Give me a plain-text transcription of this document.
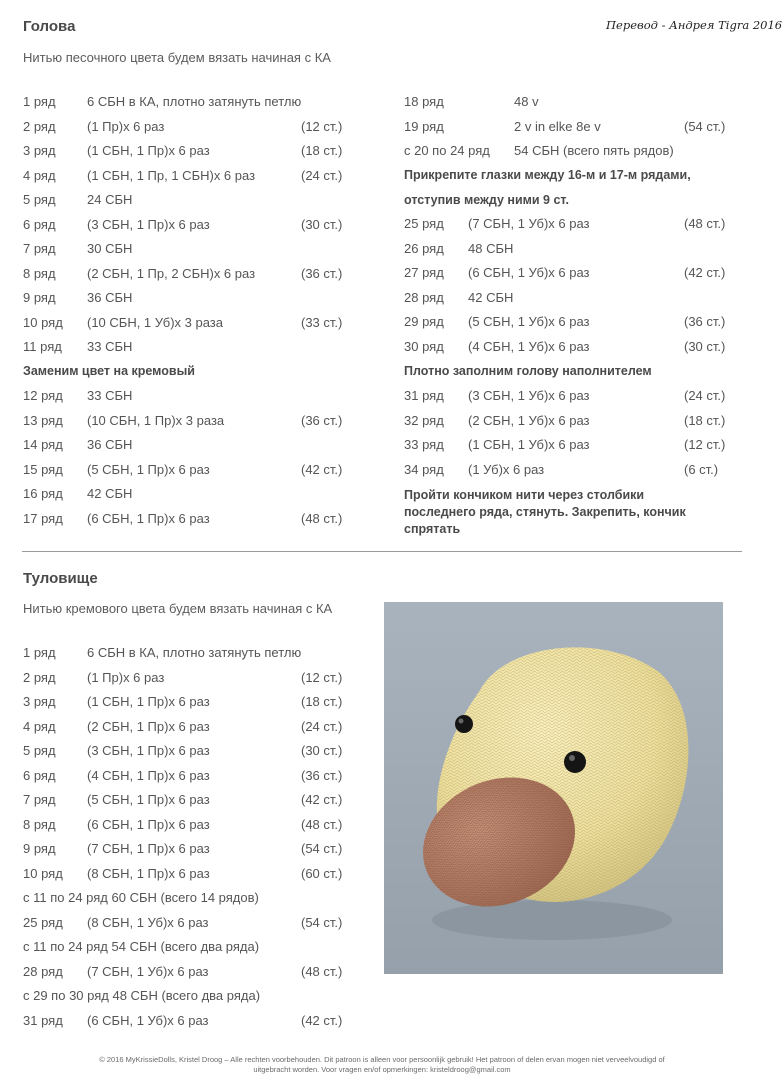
Перевод - Андрея Tigra 2016
Голова
Нитью песочного цвета будем вязать начиная с КА
1 ряд 6 СБН в КА, плотно затянуть петлю
2 ряд (1 Пр)х 6 раз	(12 ст.)
3 ряд (1 СБН, 1 Пр)х 6 раз	(18 ст.)
4 ряд (1 СБН, 1 Пр, 1 СБН)х 6 раз	(24 ст.)
5 ряд 24 СБН
6 ряд (3 СБН, 1 Пр)х 6 раз	(30 ст.)
7 ряд 30 СБН
8 ряд (2 СБН, 1 Пр, 2 СБН)х 6 раз	(36 ст.)
9 ряд 36 СБН
10 ряд (10 СБН, 1 Уб)х 3 раза	(33 ст.)
11 ряд 33 СБН
Заменим цвет на кремовый
12 ряд 33 СБН
13 ряд (10 СБН, 1 Пр)х 3 раза	(36 ст.)
14 ряд 36 СБН
15 ряд (5 СБН, 1 Пр)х 6 раз	(42 ст.)
16 ряд 42 СБН
17 ряд (6 СБН, 1 Пр)х 6 раз	(48 ст.)
18 ряд	48 v
19 ряд	2 v in elke 8e v	(54 ст.)
с 20 по 24 ряд 54 СБН (всего пять рядов)
Прикрепите глазки между 16-м и 17-м рядами,
отступив между ними 9 ст.
25 ряд (7 СБН, 1 Уб)х 6 раз	(48 ст.)
26 ряд 48 СБН
27 ряд (6 СБН, 1 Уб)х 6 раз	(42 ст.)
28 ряд 42 СБН
29 ряд (5 СБН, 1 Уб)х 6 раз	(36 ст.)
30 ряд (4 СБН, 1 Уб)х 6 раз	(30 ст.)
Плотно заполним голову наполнителем
31 ряд (3 СБН, 1 Уб)х 6 раз	(24 ст.)
32 ряд (2 СБН, 1 Уб)х 6 раз	(18 ст.)
33 ряд (1 СБН, 1 Уб)х 6 раз	(12 ст.)
34 ряд (1 Уб)х 6 раз	(6 ст.)
Пройти кончиком нити через столбики
последнего ряда, стянуть. Закрепить, кончик
спрятать
Туловище
Нитью кремового цвета будем вязать начиная с КА
1 ряд 6 СБН в КА, плотно затянуть петлю
2 ряд (1 Пр)х 6 раз	(12 ст.)
3 ряд (1 СБН, 1 Пр)х 6 раз	(18 ст.)
4 ряд (2 СБН, 1 Пр)х 6 раз	(24 ст.)
5 ряд (3 СБН, 1 Пр)х 6 раз	(30 ст.)
6 ряд (4 СБН, 1 Пр)х 6 раз	(36 ст.)
7 ряд (5 СБН, 1 Пр)х 6 раз	(42 ст.)
8 ряд (6 СБН, 1 Пр)х 6 раз	(48 ст.)
9 ряд (7 СБН, 1 Пр)х 6 раз	(54 ст.)
10 ряд (8 СБН, 1 Пр)х 6 раз	(60 ст.)
с 11 по 24 ряд 60 СБН (всего 14 рядов)
25 ряд (8 СБН, 1 Уб)х 6 раз	(54 ст.)
с 11 по 24 ряд 54 СБН (всего два ряда)
28 ряд (7 СБН, 1 Уб)х 6 раз	(48 ст.)
с 29 по 30 ряд 48 СБН (всего два ряда)
31 ряд (6 СБН, 1 Уб)х 6 раз	(42 ст.)
© 2016 MyKrissieDolls, Kristel Droog – Alle rechten voorbehouden. Dit patroon is alleen voor persoonlijk gebruik! Het patroon of delen ervan mogen niet verveelvoudigd of
uitgebracht worden. Voor vragen en/of opmerkingen: kristeldroog@gmail.com
